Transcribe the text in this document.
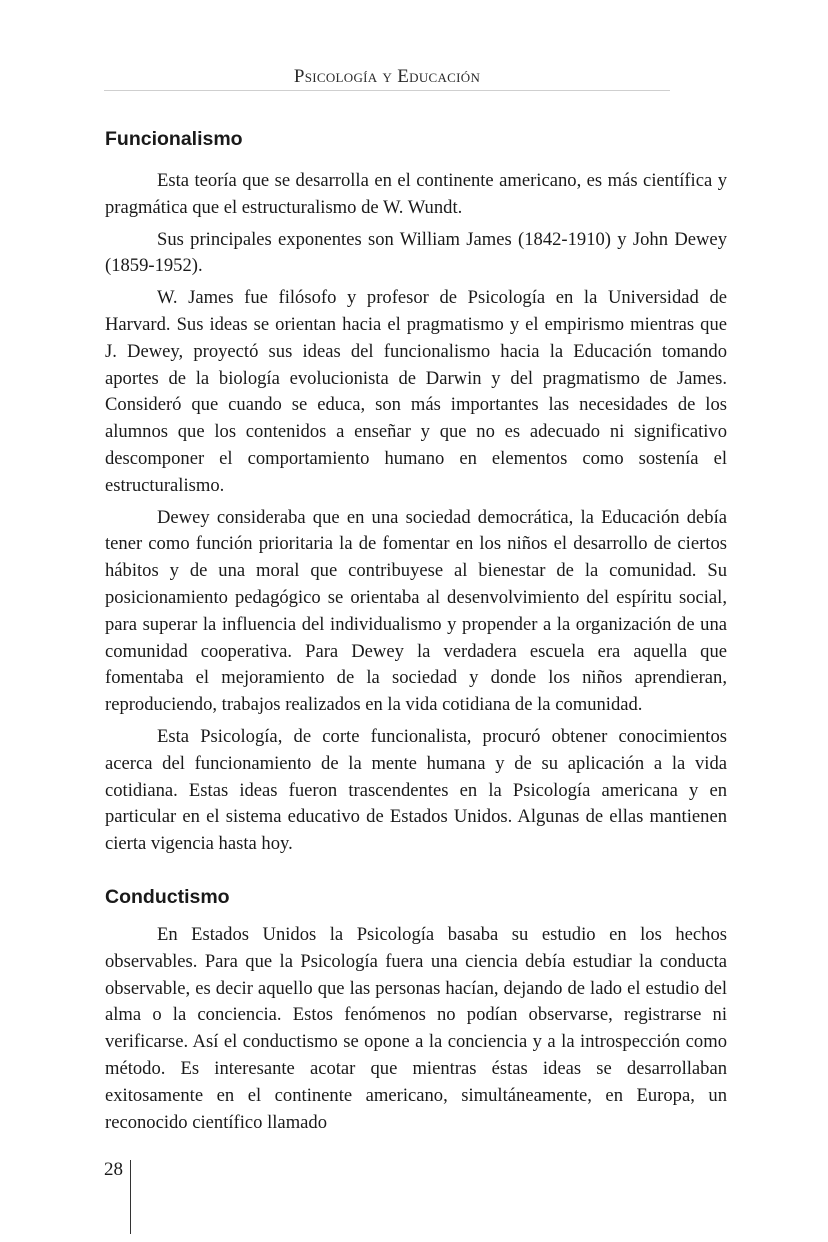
Psicología y Educación
Funcionalismo

Esta teoría que se desarrolla en el continente americano, es más científica y pragmática que el estructuralismo de W. Wundt.

Sus principales exponentes son William James (1842-1910) y John Dewey (1859-1952).

W. James fue filósofo y profesor de Psicología en la Universidad de Harvard. Sus ideas se orientan hacia el pragmatismo y el empirismo mientras que J. Dewey, proyectó sus ideas del funcionalismo hacia la Educación tomando aportes de la biología evolucionista de Darwin y del pragmatismo de James. Consideró que cuando se educa, son más importantes las necesidades de los alumnos que los contenidos a enseñar y que no es adecuado ni significativo descomponer el comportamiento humano en elementos como sostenía el estructuralismo.

Dewey consideraba que en una sociedad democrática, la Educación debía tener como función prioritaria la de fomentar en los niños el desarrollo de ciertos hábitos y de una moral que contribuyese al bienestar de la comunidad. Su posicionamiento pedagógico se orientaba al desenvolvimiento del espíritu social, para superar la influencia del individualismo y propender a la organización de una comunidad cooperativa. Para Dewey la verdadera escuela era aquella que fomentaba el mejoramiento de la sociedad y donde los niños aprendieran, reproduciendo, trabajos realizados en la vida cotidiana de la comunidad.

Esta Psicología, de corte funcionalista, procuró obtener conocimientos acerca del funcionamiento de la mente humana y de su aplicación a la vida cotidiana. Estas ideas fueron trascendentes en la Psicología americana y en particular en el sistema educativo de Estados Unidos. Algunas de ellas mantienen cierta vigencia hasta hoy.

Conductismo

En Estados Unidos la Psicología basaba su estudio en los hechos observables. Para que la Psicología fuera una ciencia debía estudiar la conducta observable, es decir aquello que las personas hacían, dejando de lado el estudio del alma o la conciencia. Estos fenómenos no podían observarse, registrarse ni verificarse. Así el conductismo se opone a la conciencia y a la introspección como método. Es interesante acotar que mientras éstas ideas se desarrollaban exitosamente en el continente americano, simultáneamente, en Europa, un reconocido científico llamado

28
